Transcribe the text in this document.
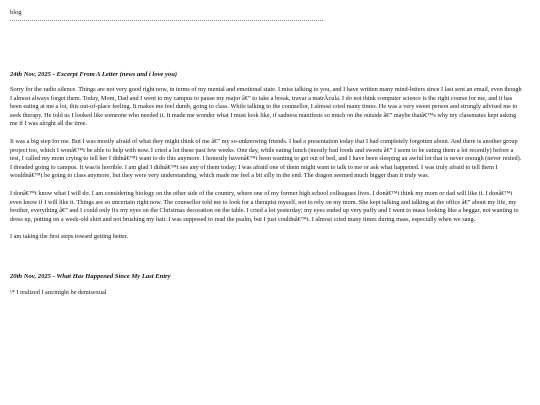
blog
24th Nov, 2025 - Excerpt From A Letter (news and i love you)

Sorry for the radio silence. Things are not very good right now, in terms of my mental and emotional state. I miss talking to you, and I have written many mind-letters since I last sent an email, even though I almost always forget them. Today, Mom, Dad and I went to my campus to pause my major â€” to take a break, travar a matrÃcula. I do not think computer science is the right course for me, and it has been eating at me a lot, this out-of-place feeling. It makes me feel dumb, going to class. While talking to the counsellor, I almost cried many times. He was a very sweet person and strongly advised me to seek therapy. He told us I looked like someone who needed it. It made me wonder what I must look like, if sadness manifests so much on the outside â€” maybe thatâ€™s why my classmates kept asking me if I was alright all the time.

It was a big step for me. But I was mostly afraid of what they might think of me â€” my so-unknowing friends. I had a presentation today that I had completely forgotten about. And there is another group project too, which I wonâ€™t be able to help with now. I cried a lot these past few weeks. One day, while eating lunch (mostly bad foods and sweets â€” I seem to be eating them a lot recently) before a test, I called my mom crying to tell her I didnâ€™t want to do this anymore. I honestly havenâ€™t been wanting to get out of bed, and I have been sleeping an awful lot that is never enough (never rested). I dreaded going to campus. It was/is horrible. I am glad I didnâ€™t see any of them today; I was afraid one of them might want to talk to me or ask what happened. I was truly afraid to tell them I wouldnâ€™t be going to class anymore, but they were very understanding, which made me feel a bit silly in the end. The dragon seemed much bigger than it truly was.

I donâ€™t know what I will do. I am considering biology on the other side of the country, where one of my former high school colleagues lives. I donâ€™t think my mom or dad will like it. I donâ€™t even know if I will like it. Things are so uncertain right now. The counsellor told me to look for a therapist myself, not to rely on my mom. She kept talking and talking at the office â€” about my life, my brother, everything â€” and I could only fix my eyes on the Christmas decoration on the table. I cried a lot yesterday; my eyes ended up very puffy and I went to mass looking like a beggar, not wanting to dress up, putting on a week-old shirt and not brushing my hair. I was supposed to read the psalm, but I just couldnâ€™t. I almost cried many times during mass, especially when we sang.

I am taking the first steps toward getting better.

20th Nov, 2025 - What Has Happened Since My Last Entry
\* I realized I am/might be demisexual
